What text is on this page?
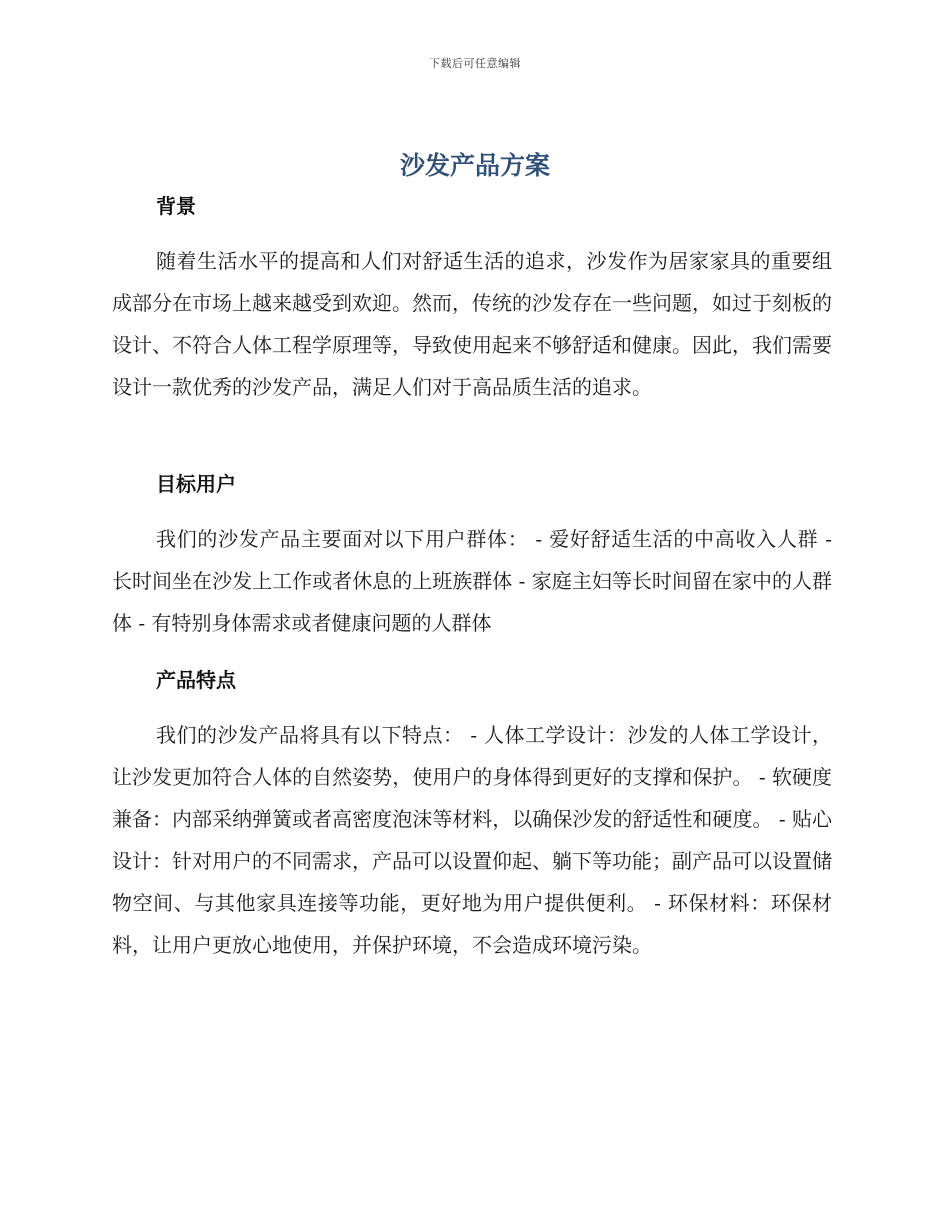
下载后可任意编辑
沙发产品方案
背景

随着生活水平的提高和人们对舒适生活的追求，沙发作为居家家具的重要组成部分在市场上越来越受到欢迎。然而，传统的沙发存在一些问题，如过于刻板的设计、不符合人体工程学原理等，导致使用起来不够舒适和健康。因此，我们需要设计一款优秀的沙发产品，满足人们对于高品质生活的追求。

目标用户

我们的沙发产品主要面对以下用户群体： - 爱好舒适生活的中高收入人群 - 长时间坐在沙发上工作或者休息的上班族群体 - 家庭主妇等长时间留在家中的人群体 - 有特别身体需求或者健康问题的人群体

产品特点

我们的沙发产品将具有以下特点： - 人体工学设计：沙发的人体工学设计，让沙发更加符合人体的自然姿势，使用户的身体得到更好的支撑和保护。 - 软硬度兼备：内部采纳弹簧或者高密度泡沫等材料，以确保沙发的舒适性和硬度。 - 贴心设计：针对用户的不同需求，产品可以设置仰起、躺下等功能；副产品可以设置储物空间、与其他家具连接等功能，更好地为用户提供便利。 - 环保材料：环保材料，让用户更放心地使用，并保护环境，不会造成环境污染。
